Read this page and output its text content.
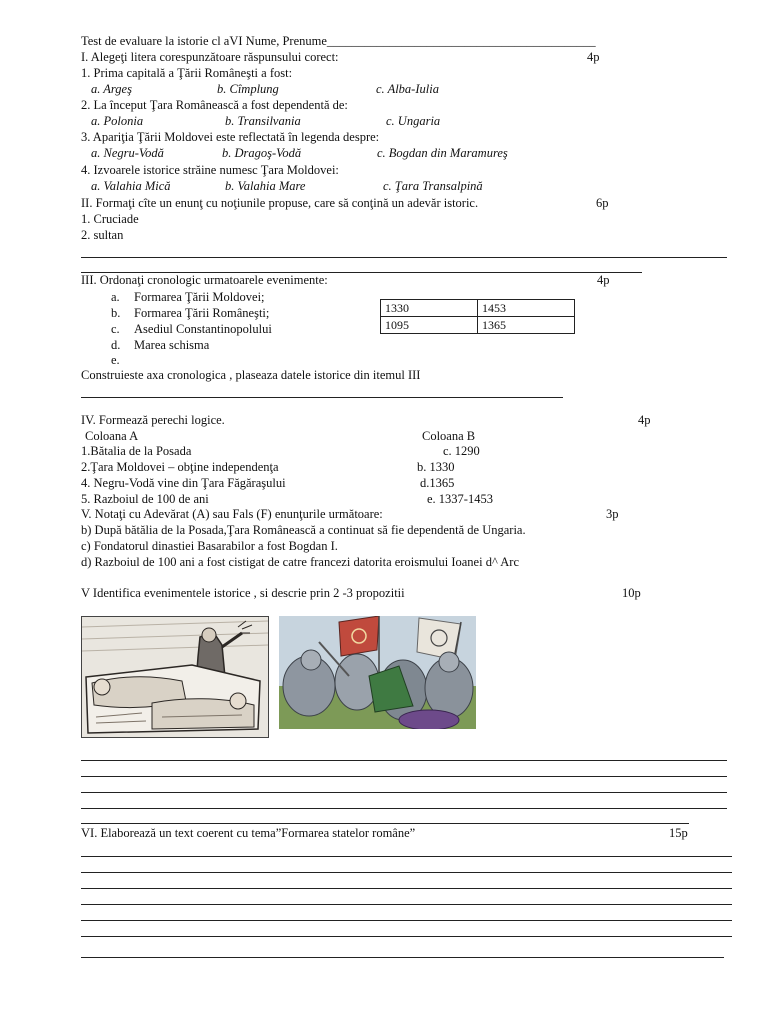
Test de evaluare la istorie cl aVI Nume, Prenume___________________________________________
I. Alegeţi litera corespunzătoare răspunsului corect:	4p
1. Prima capitală a Ţării Româneşti a fost:
a. Argeş	b. Cîmplung	c. Alba-Iulia
2. La început Ţara Românească a fost dependentă de:
a. Polonia	b. Transilvania	c. Ungaria
3. Apariţia Ţării Moldovei este reflectată în legenda despre:
a. Negru-Vodă	b. Dragoş-Vodă	c. Bogdan din Maramureş
4. Izvoarele istorice străine numesc Ţara Moldovei:
a. Valahia Mică	b. Valahia Mare	c. Ţara Transalpină
II. Formaţi cîte un enunţ cu noţiunile propuse, care să conţină un adevăr istoric.	6p
1. Cruciade
2. sultan
III. Ordonaţi cronologic urmatoarele evenimente:	4p
a. Formarea Ţării Moldovei;
b. Formarea Ţării Româneşti;
c. Asediul Constantinopolului
d. Marea schisma
e.
1330	1453
1095	1365
Construieste axa cronologica , plaseaza datele istorice din itemul III
IV. Formează perechi logice.	4p
Coloana A	Coloana B
1.Bătalia de la Posada	c. 1290
2.Ţara Moldovei – obţine independenţa	b. 1330
4. Negru-Vodă vine din Ţara Făgăraşului	d.1365
5. Razboiul de 100 de ani	e. 1337-1453
V. Notaţi cu Adevărat (A) sau Fals (F) enunţurile următoare:	3p
b) După bătălia de la Posada,Ţara Românească a continuat să fie dependentă de Ungaria.
c) Fondatorul dinastiei Basarabilor a fost Bogdan I.
d) Razboiul de 100 ani a fost cistigat de catre francezi datorita eroismului Ioanei d^ Arc
V Identifica evenimentele istorice , si descrie prin 2 -3 propozitii	10p
VI. Elaborează un text coerent cu tema”Formarea statelor române”	15p
